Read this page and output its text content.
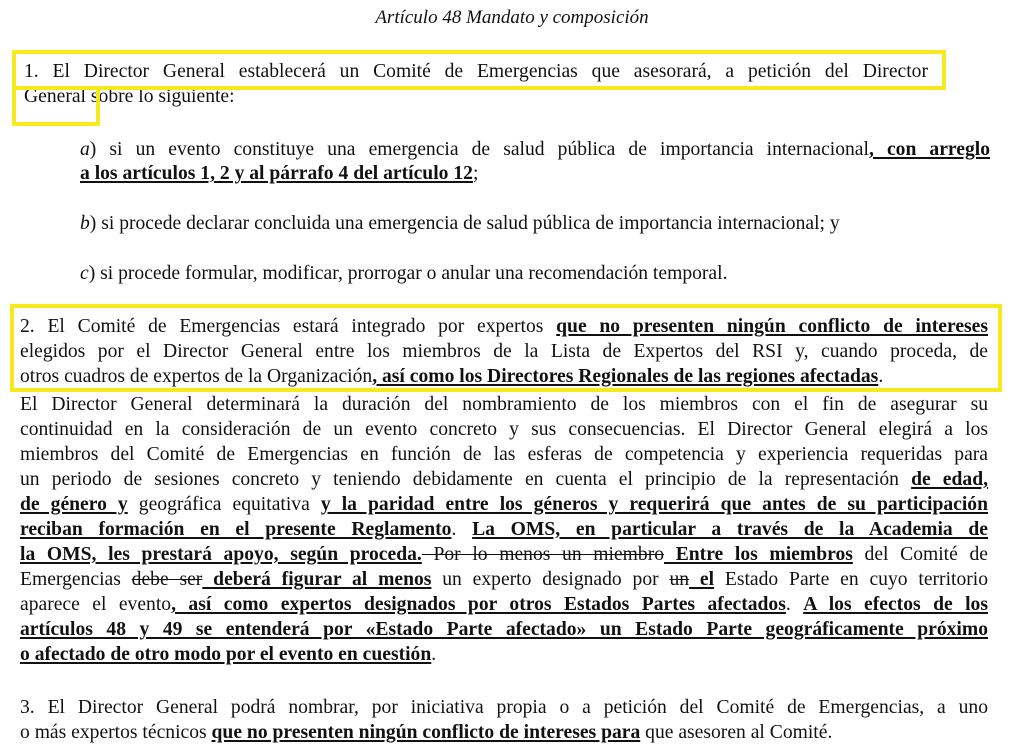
Artículo 48 Mandato y composición
1. El Director General establecerá un Comité de Emergencias que asesorará, a petición del Director
General sobre lo siguiente:
a) si un evento constituye una emergencia de salud pública de importancia internacional, con arreglo
a los artículos 1, 2 y al párrafo 4 del artículo 12;
b) si procede declarar concluida una emergencia de salud pública de importancia internacional; y
c) si procede formular, modificar, prorrogar o anular una recomendación temporal.
2. El Comité de Emergencias estará integrado por expertos que no presenten ningún conflicto de intereses
elegidos por el Director General entre los miembros de la Lista de Expertos del RSI y, cuando proceda, de
otros cuadros de expertos de la Organización, así como los Directores Regionales de las regiones afectadas.
El Director General determinará la duración del nombramiento de los miembros con el fin de asegurar su
continuidad en la consideración de un evento concreto y sus consecuencias. El Director General elegirá a los
miembros del Comité de Emergencias en función de las esferas de competencia y experiencia requeridas para
un periodo de sesiones concreto y teniendo debidamente en cuenta el principio de la representación de edad,
de género y geográfica equitativa y la paridad entre los géneros y requerirá que antes de su participación
reciban formación en el presente Reglamento. La OMS, en particular a través de la Academia de
la OMS, les prestará apoyo, según proceda. Por lo menos un miembro Entre los miembros del Comité de
Emergencias debe ser deberá figurar al menos un experto designado por un el Estado Parte en cuyo territorio
aparece el evento, así como expertos designados por otros Estados Partes afectados. A los efectos de los
artículos 48 y 49 se entenderá por «Estado Parte afectado» un Estado Parte geográficamente próximo
o afectado de otro modo por el evento en cuestión.
3. El Director General podrá nombrar, por iniciativa propia o a petición del Comité de Emergencias, a uno
o más expertos técnicos que no presenten ningún conflicto de intereses para que asesoren al Comité.
